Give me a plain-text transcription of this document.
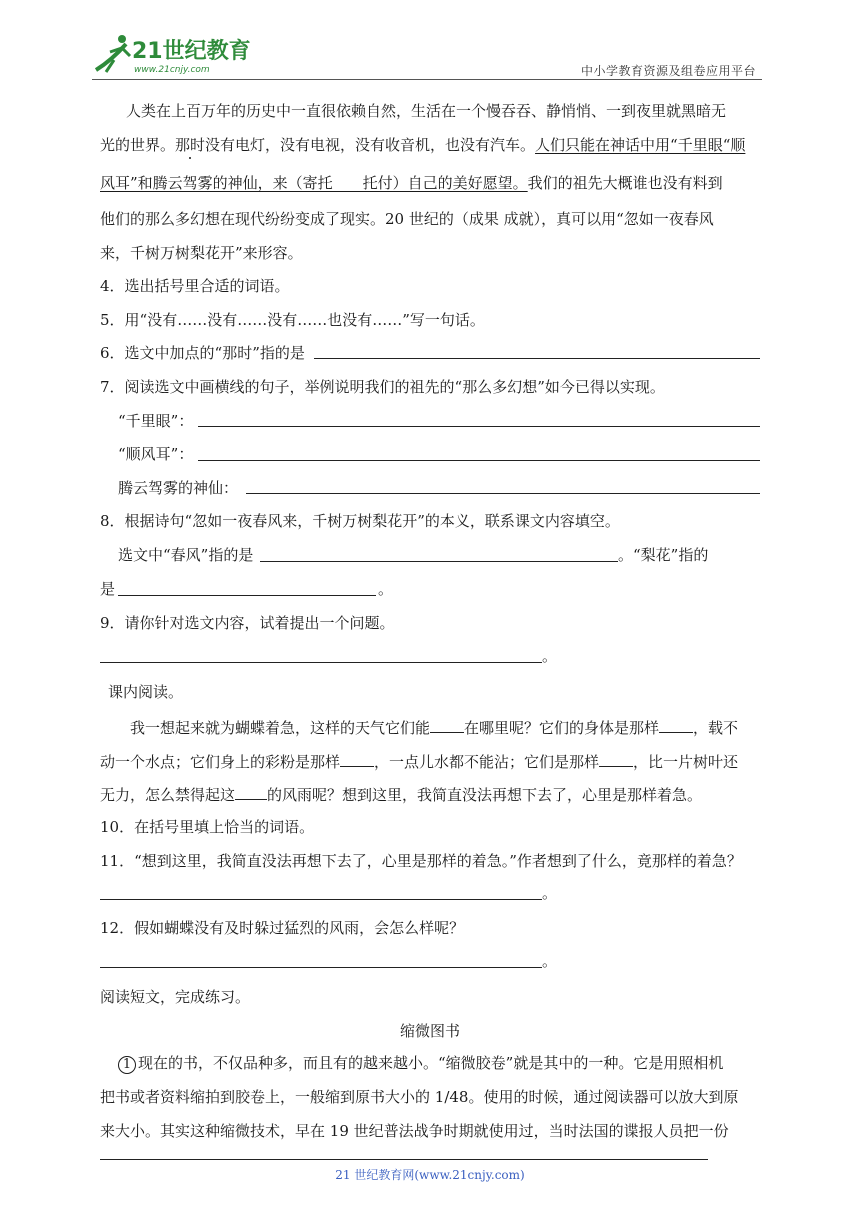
21世纪教育
www.21cnjy.com	中小学教育资源及组卷应用平台
人类在上百万年的历史中一直很依赖自然，生活在一个慢吞吞、静悄悄、一到夜里就黑暗无
光的世界。那时没有电灯，没有电视，没有收音机，也没有汽车。人们只能在神话中用“千里眼“顺
风耳”和腾云驾雾的神仙，来（寄托　　托付）自己的美好愿望。我们的祖先大概谁也没有料到
他们的那么多幻想在现代纷纷变成了现实。20 世纪的（成果 成就），真可以用“忽如一夜春风
来，千树万树梨花开”来形容。
4．选出括号里合适的词语。
5．用“没有……没有……没有……也没有……”写一句话。
6．选文中加点的“那时”指的是
7．阅读选文中画横线的句子，举例说明我们的祖先的“那么多幻想”如今已得以实现。
“千里眼”：
“顺风耳”：
腾云驾雾的神仙：
8．根据诗句“忽如一夜春风来，千树万树梨花开”的本义，联系课文内容填空。
选文中“春风”指的是	。“梨花”指的
是	。
9．请你针对选文内容，试着提出一个问题。
。
课内阅读。
我一想起来就为蝴蝶着急，这样的天气它们能 在哪里呢？它们的身体是那样 ，载不
动一个水点；它们身上的彩粉是那样 ，一点儿水都不能沾；它们是那样 ，比一片树叶还
无力，怎么禁得起这 的风雨呢？想到这里，我简直没法再想下去了，心里是那样着急。
10．在括号里填上恰当的词语。
11．“想到这里，我简直没法再想下去了，心里是那样的着急。”作者想到了什么，竟那样的着急？
。
12．假如蝴蝶没有及时躲过猛烈的风雨，会怎么样呢？
。
阅读短文，完成练习。
缩微图书
1 现在的书，不仅品种多，而且有的越来越小。“缩微胶卷”就是其中的一种。它是用照相机
把书或者资料缩拍到胶卷上，一般缩到原书大小的 1/48。使用的时候，通过阅读器可以放大到原
来大小。其实这种缩微技术，早在 19 世纪普法战争时期就使用过，当时法国的谍报人员把一份
21 世纪教育网(www.21cnjy.com)
